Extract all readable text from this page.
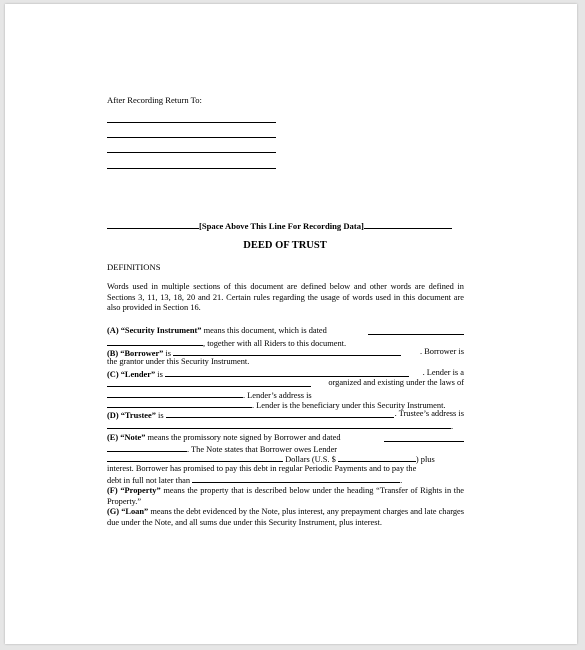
After Recording Return To:
[Space Above This Line For Recording Data]
DEED OF TRUST
DEFINITIONS
Words used in multiple sections of this document are defined below and other words are defined in Sections 3, 11, 13, 18, 20 and 21. Certain rules regarding the usage of words used in this document are also provided in Section 16.
(A) “Security Instrument” means this document, which is dated
, together with all Riders to this document.
(B) “Borrower” is	. Borrower is
the grantor under this Security Instrument.
(C) “Lender” is	. Lender is a
organized and existing under the laws of
. Lender’s address is
. Lender is the beneficiary under this Security Instrument.
(D) “Trustee” is	. Trustee’s address is
.
(E) “Note” means the promissory note signed by Borrower and dated
. The Note states that Borrower owes Lender
Dollars (U.S. $	) plus
interest. Borrower has promised to pay this debt in regular Periodic Payments and to pay the
debt in full not later than	.
(F) “Property” means the property that is described below under the heading “Transfer of Rights in the Property.”
(G) “Loan” means the debt evidenced by the Note, plus interest, any prepayment charges and late charges due under the Note, and all sums due under this Security Instrument, plus interest.
